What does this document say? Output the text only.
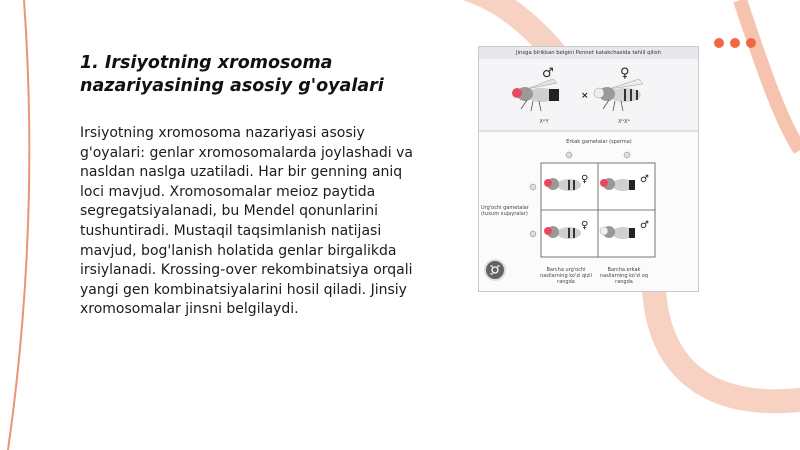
1. Irsiyotning xromosoma nazariyasining asosiy g'oyalari

Irsiyotning xromosoma nazariyasi asosiy g'oyalari: genlar xromosomalarda joylashadi va nasldan naslga uzatiladi. Har bir genning aniq loci mavjud. Xromosomalar meioz paytida segregatsiyalanadi, bu Mendel qonunlarini tushuntiradi. Mustaqil taqsimlanish natijasi mavjud, bog'lanish holatida genlar birgalikda irsiylanadi. Krossing-over rekombinatsiya orqali yangi gen kombinatsiyalarini hosil qiladi. Jinsiy xromosomalar jinsni belgilaydi.

Jinsga birikkan belgini Pennet katakchasida tahlil qilish
♂	♀
×
XʷY	XʷXʷ
Erkak gametalar (sperma)
Urg'ochi gametalar (tuxum xujayralar)
♀	♂
♀	♂
Barcha urg'ochi nasllarning ko'zi qizil rangda
Barcha erkak nasllarning ko'zi oq rangda
